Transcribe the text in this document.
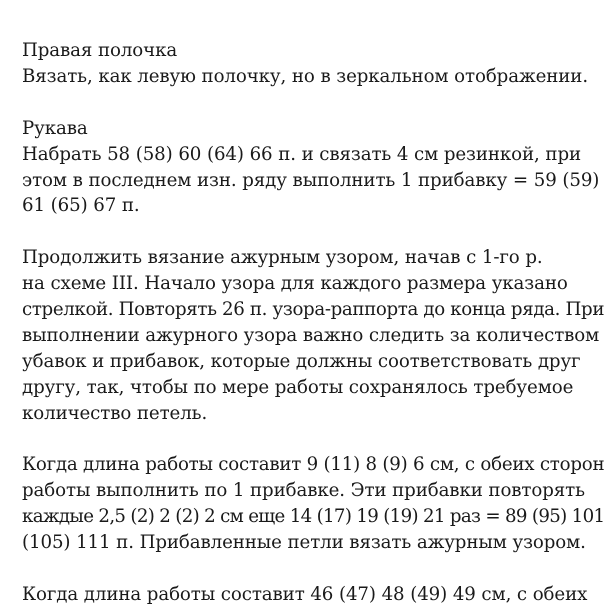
Правая полочка
Вязать, как левую полочку, но в зеркальном отображении.
Рукава
Набрать 58 (58) 60 (64) 66 п. и связать 4 см резинкой, при
этом в последнем изн. ряду выполнить 1 прибавку = 59 (59)
61 (65) 67 п.
Продолжить вязание ажурным узором, начав с 1-го р.
на схеме III. Начало узора для каждого размера указано
стрелкой. Повторять 26 п. узора-раппорта до конца ряда. При
выполнении ажурного узора важно следить за количеством
убавок и прибавок, которые должны соответствовать друг
другу, так, чтобы по мере работы сохранялось требуемое
количество петель.
Когда длина работы составит 9 (11) 8 (9) 6 см, с обеих сторон
работы выполнить по 1 прибавке. Эти прибавки повторять
каждые 2,5 (2) 2 (2) 2 см еще 14 (17) 19 (19) 21 раз = 89 (95) 101
(105) 111 п. Прибавленные петли вязать ажурным узором.
Когда длина работы составит 46 (47) 48 (49) 49 см, с обеих
